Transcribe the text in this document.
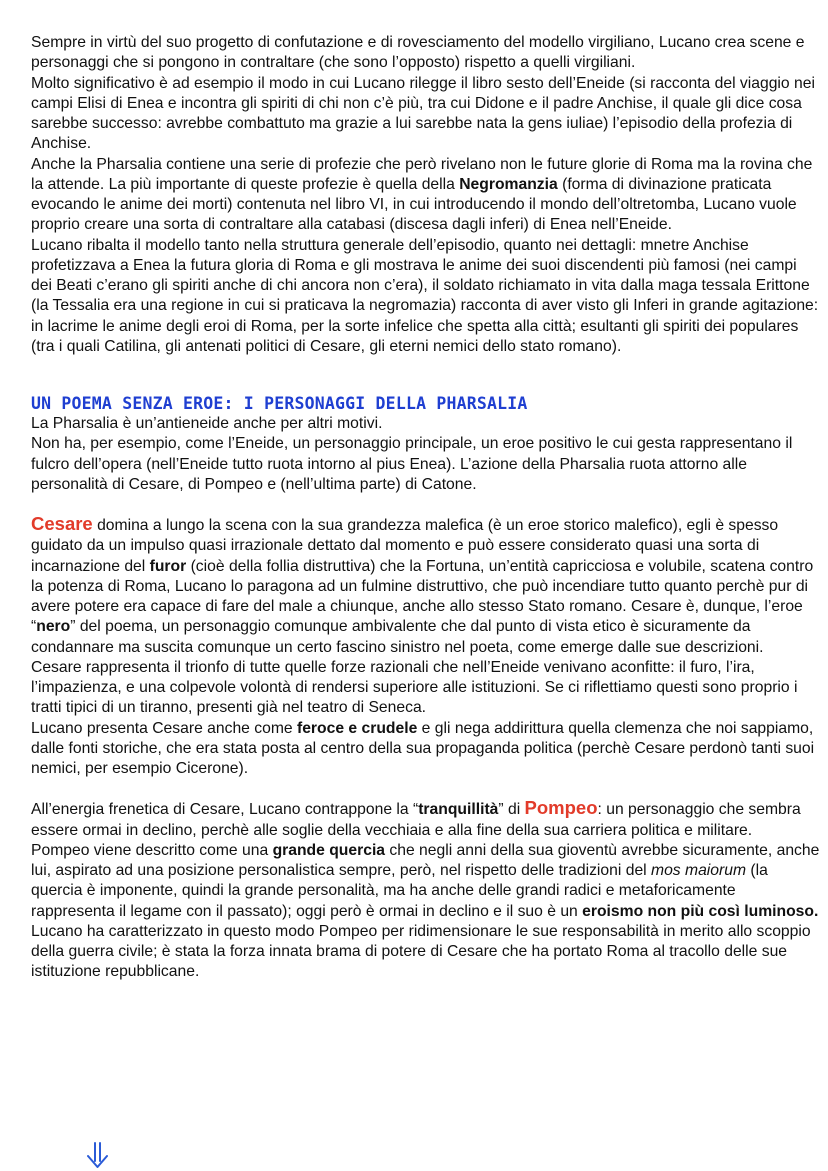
Sempre in virtù del suo progetto di confutazione e di rovesciamento del modello virgiliano, Lucano crea scene e personaggi che si pongono in contraltare (che sono l’opposto) rispetto a quelli virgiliani.

Molto significativo è ad esempio il modo in cui Lucano rilegge il libro sesto dell’Eneide (si racconta del viaggio nei campi Elisi di Enea e incontra gli spiriti di chi non c’è più, tra cui Didone e il padre Anchise, il quale gli dice cosa sarebbe successo: avrebbe combattuto ma grazie a lui sarebbe nata la gens iuliae) l’episodio della profezia di Anchise.

Anche la Pharsalia contiene una serie di profezie che però rivelano non le future glorie di Roma ma la rovina che la attende. La più importante di queste profezie è quella della Negromanzia (forma di divinazione praticata evocando le anime dei morti) contenuta nel libro VI, in cui introducendo il mondo dell’oltretomba, Lucano vuole proprio creare una sorta di contraltare alla catabasi (discesa dagli inferi) di Enea nell’Eneide.

Lucano ribalta il modello tanto nella struttura generale dell’episodio, quanto nei dettagli: mnetre Anchise profetizzava a Enea la futura gloria di Roma e gli mostrava le anime dei suoi discendenti più famosi (nei campi dei Beati c’erano gli spiriti anche di chi ancora non c’era), il soldato richiamato in vita dalla maga tessala Erittone (la Tessalia era una regione in cui si praticava la negromazia) racconta di aver visto gli Inferi in grande agitazione: in lacrime le anime degli eroi di Roma, per la sorte infelice che spetta alla città; esultanti gli spiriti dei populares (tra i quali Catilina, gli antenati politici di Cesare, gli eterni nemici dello stato romano).

UN POEMA SENZA EROE: I PERSONAGGI DELLA PHARSALIA

La Pharsalia è un’antieneide anche per altri motivi.

Non ha, per esempio, come l’Eneide, un personaggio principale, un eroe positivo le cui gesta rappresentano il fulcro dell’opera (nell’Eneide tutto ruota intorno al pius Enea). L’azione della Pharsalia ruota attorno alle personalità di Cesare, di Pompeo e (nell’ultima parte) di Catone.

Cesare domina a lungo la scena con la sua grandezza malefica (è un eroe storico malefico), egli è spesso guidato da un impulso quasi irrazionale dettato dal momento e può essere considerato quasi una sorta di incarnazione del furor (cioè della follia distruttiva) che la Fortuna, un’entità capricciosa e volubile, scatena contro la potenza di Roma, Lucano lo paragona ad un fulmine distruttivo, che può incendiare tutto quanto perchè pur di avere potere era capace di fare del male a chiunque, anche allo stesso Stato romano. Cesare è, dunque, l’eroe “nero” del poema, un personaggio comunque ambivalente che dal punto di vista etico è sicuramente da condannare ma suscita comunque un certo fascino sinistro nel poeta, come emerge dalle sue descrizioni.

Cesare rappresenta il trionfo di tutte quelle forze razionali che nell’Eneide venivano aconfitte: il furo, l’ira, l’impazienza, e una colpevole volontà di rendersi superiore alle istituzioni. Se ci riflettiamo questi sono proprio i tratti tipici di un tiranno, presenti già nel teatro di Seneca.

Lucano presenta Cesare anche come feroce e crudele e gli nega addirittura quella clemenza che noi sappiamo, dalle fonti storiche, che era stata posta al centro della sua propaganda politica (perchè Cesare perdonò tanti suoi nemici, per esempio Cicerone).

All’energia frenetica di Cesare, Lucano contrappone la “tranquillità” di Pompeo: un personaggio che sembra essere ormai in declino, perchè alle soglie della vecchiaia e alla fine della sua carriera politica e militare.

Pompeo viene descritto come una grande quercia che negli anni della sua gioventù avrebbe sicuramente, anche lui, aspirato ad una posizione personalistica sempre, però, nel rispetto delle tradizioni del mos maiorum (la quercia è imponente, quindi la grande personalità, ma ha anche delle grandi radici e metaforicamente rappresenta il legame con il passato); oggi però è ormai in declino e il suo è un eroismo non più così luminoso.

Lucano ha caratterizzato in questo modo Pompeo per ridimensionare le sue responsabilità in merito allo scoppio della guerra civile; è stata la forza innata brama di potere di Cesare che ha portato Roma al tracollo delle sue istituzione repubblicane.
